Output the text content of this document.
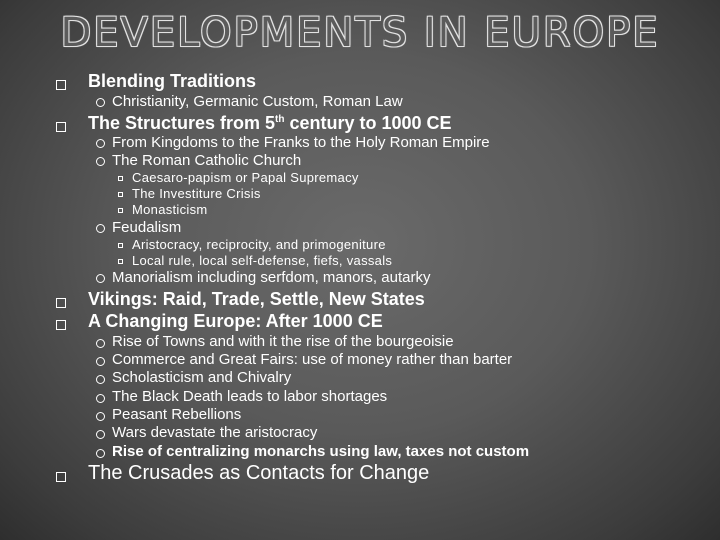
DEVELOPMENTS IN EUROPE
Blending Traditions
Christianity, Germanic Custom, Roman Law
The Structures from 5th century to 1000 CE
From Kingdoms to the Franks to the Holy Roman Empire
The Roman Catholic Church
Caesaro-papism or Papal Supremacy
The Investiture Crisis
Monasticism
Feudalism
Aristocracy, reciprocity, and primogeniture
Local rule, local self-defense, fiefs, vassals
Manorialism including serfdom, manors, autarky
Vikings: Raid, Trade, Settle, New States
A Changing Europe: After 1000 CE
Rise of Towns and with it the rise of the bourgeoisie
Commerce and Great Fairs: use of money rather than barter
Scholasticism and Chivalry
The Black Death leads to labor shortages
Peasant Rebellions
Wars devastate the aristocracy
Rise of centralizing monarchs using law, taxes not custom
The Crusades as Contacts for Change
